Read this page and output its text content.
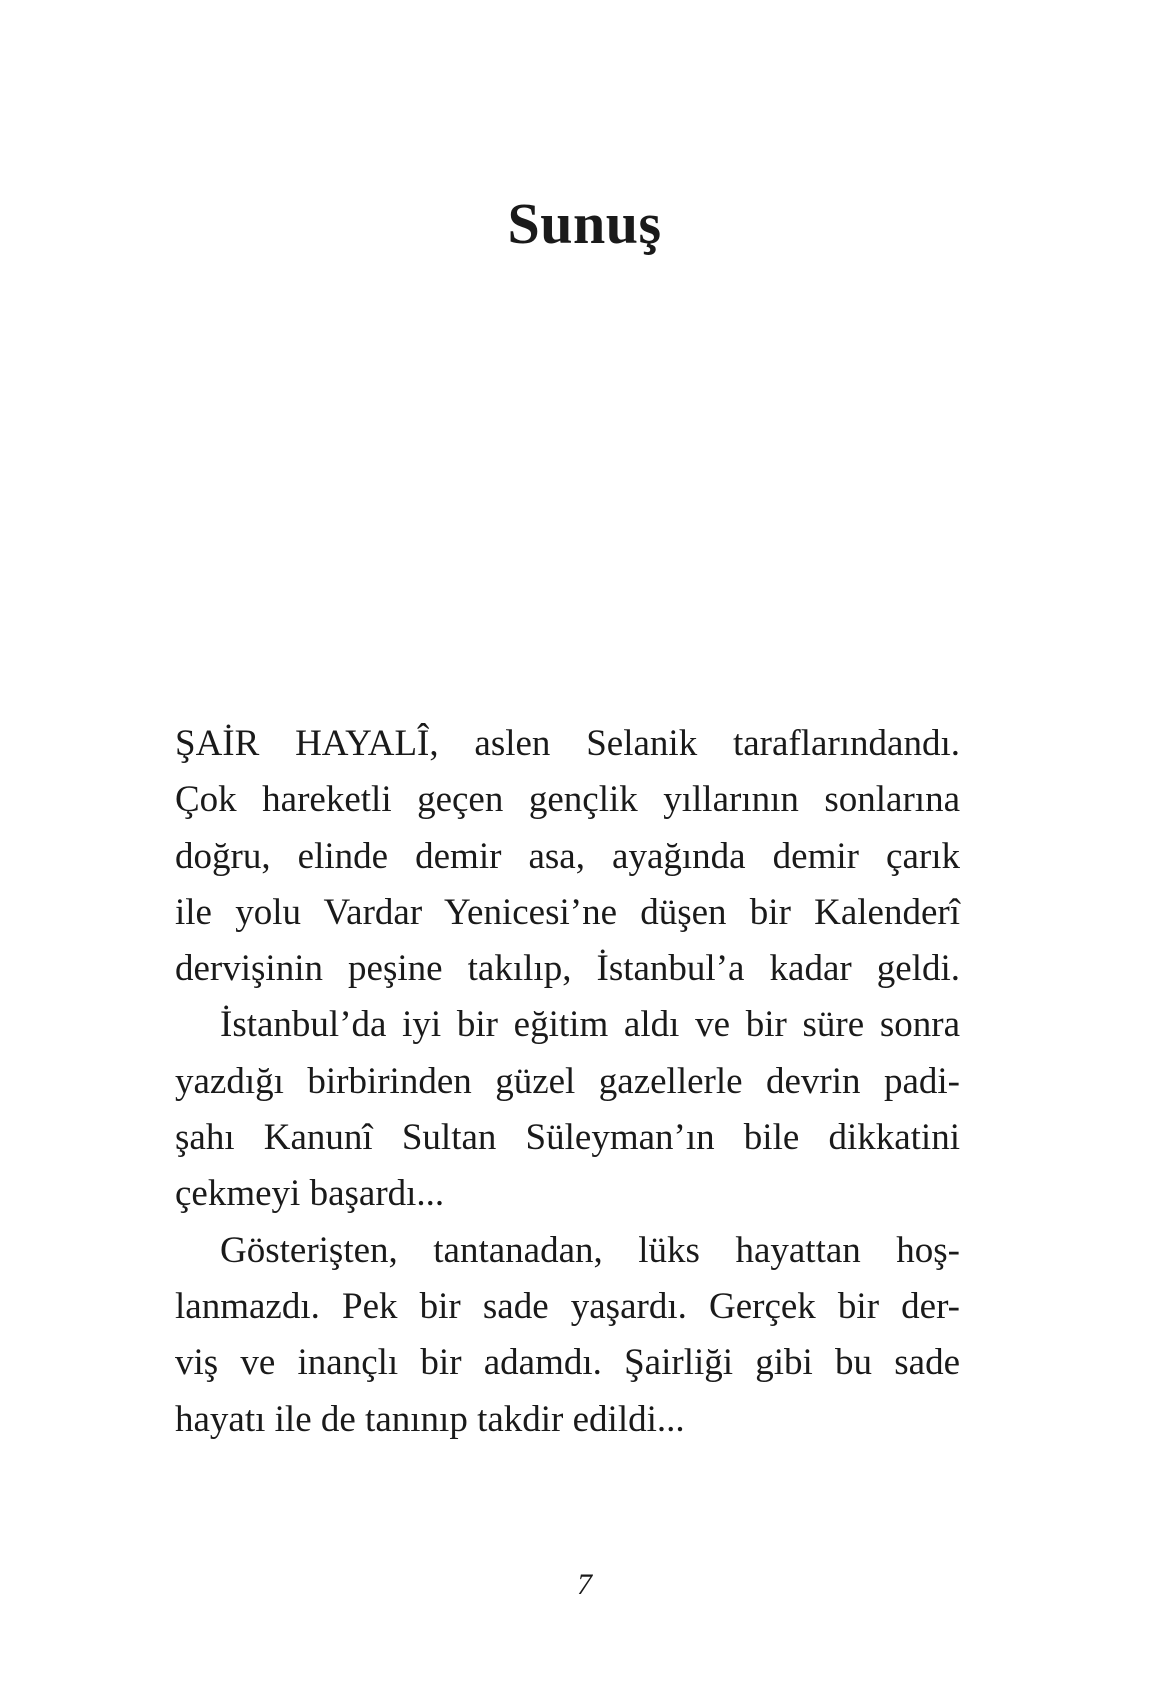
Sunuş
ŞAİR HAYALÎ, aslen Selanik taraflarındandı.
Çok hareketli geçen gençlik yıllarının sonlarına
doğru, elinde demir asa, ayağında demir çarık
ile yolu Vardar Yenicesi’ne düşen bir Kalenderî
dervişinin peşine takılıp, İstanbul’a kadar geldi.
İstanbul’da iyi bir eğitim aldı ve bir süre sonra
yazdığı birbirinden güzel gazellerle devrin padi-
şahı Kanunî Sultan Süleyman’ın bile dikkatini
çekmeyi başardı...
Gösterişten, tantanadan, lüks hayattan hoş-
lanmazdı. Pek bir sade yaşardı. Gerçek bir der-
viş ve inançlı bir adamdı. Şairliği gibi bu sade
hayatı ile de tanınıp takdir edildi...
7
